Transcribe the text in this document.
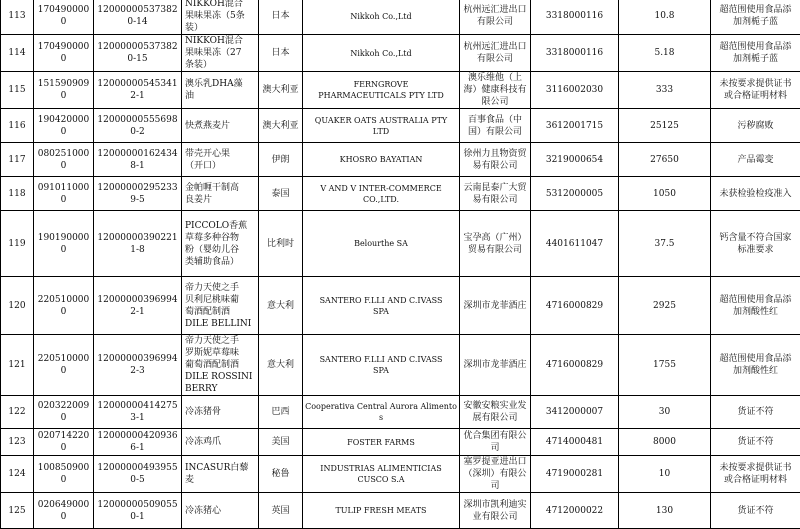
113	1704900000	120000005373820-14	NIKKOH混合
果味果冻（5条
装）	日本	Nikkoh Co.,Ltd	杭州远汇进出口
有限公司	3318000116	10.8	超范围使用食品添
加剂栀子蓝	
114	1704900000	120000005373820-15	NIKKOH混合
果味果冻（27
条装）	日本	Nikkoh Co.,Ltd	杭州远汇进出口
有限公司	3318000116	5.18	超范围使用食品添
加剂栀子蓝	
115	1515909090	120000005453412-1	澳乐乳DHA藻
油	澳大利亚	FERNGROVE
PHARMACEUTICALS PTY LTD	澳乐维他（上
海）健康科技有
限公司	3116002030	333	未按要求提供证书
或合格证明材料	
116	1904200000	120000005556980-2	快煮燕麦片	澳大利亚	QUAKER OATS AUSTRALIA PTY
LTD	百事食品（中
国）有限公司	3612001715	25125	污秽腐败	
117	0802510000	120000001624348-1	带壳开心果
（开口）	伊朗	KHOSRO BAYATIAN	徐州力且物资贸
易有限公司	3219000654	27650	产品霉变	
118	0910110000	120000002952339-5	金帕喱干制高
良姜片	泰国	V AND V INTER-COMMERCE
CO.,LTD.	云南昆泰广大贸
易有限公司	5312000005	1050	未获检验检疫准入	
119	1901900000	120000003902211-8	PICCOLO香蕉
草莓多种谷物
粉（婴幼儿谷
类辅助食品）	比利时	Belourthe SA	宝孕高（广州）
贸易有限公司	4401611047	37.5	钙含量不符合国家
标准要求	
120	2205100000	120000003969942-1	帝力天使之手
贝利尼桃味葡
萄酒配制酒
DILE BELLINI	意大利	SANTERO F.LLI AND C.IVASS
SPA	深圳市龙菲酒庄	4716000829	2925	超范围使用食品添
加剂酸性红	
121	2205100000	120000003969942-3	帝力天使之手
罗斯妮草莓味
葡萄酒配制酒
DILE ROSSINI
BERRY	意大利	SANTERO F.LLI AND C.IVASS
SPA	深圳市龙菲酒庄	4716000829	1755	超范围使用食品添
加剂酸性红	
122	0203220090	120000004142753-1	冷冻猪骨	巴西	Cooperativa Central Aurora Alimentos	安徽安粮实业发
展有限公司	3412000007	30	货证不符	
123	0207142200	120000004209366-1	冷冻鸡爪	美国	FOSTER FARMS	优合集团有限公司	4714000481	8000	货证不符	
124	1008509000	120000004939550-5	INCASUR白藜
麦	秘鲁	INDUSTRIAS ALIMENTICIAS
CUSCO S.A	塞罗提亚进出口
（深圳）有限公
司	4719000281	10	未按要求提供证书
或合格证明材料	
125	0206490000	120000005090550-1	冷冻猪心	英国	TULIP FRESH MEATS	深圳市凯利迪实
业有限公司	4712000022	130	货证不符	
